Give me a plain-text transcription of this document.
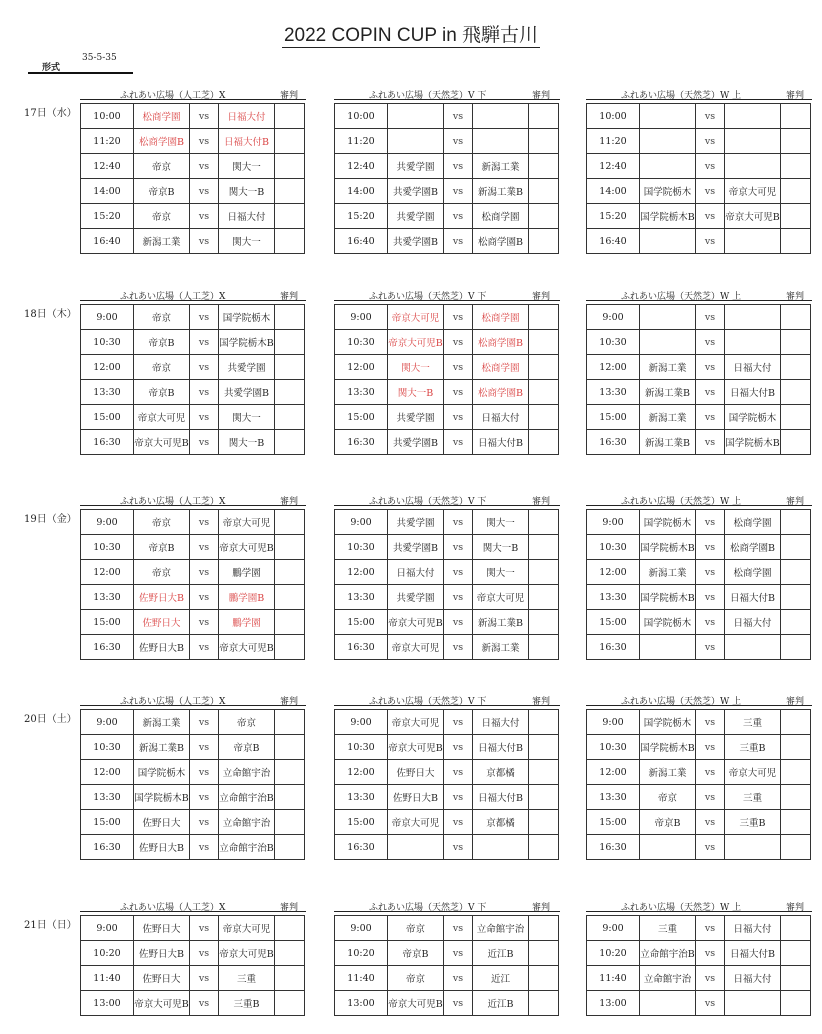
2022 COPIN CUP in 飛騨古川
形式
35-5-35
17日（水）
ふれあい広場（人工芝）X	審判
10:00	松商学園	vs	日福大付	
11:20	松商学園B	vs	日福大付B	
12:40	帝京	vs	関大一	
14:00	帝京B	vs	関大一B	
15:20	帝京	vs	日福大付	
16:40	新潟工業	vs	関大一	
ふれあい広場（天然芝）V 下	審判
10:00		vs		
11:20		vs		
12:40	共愛学園	vs	新潟工業	
14:00	共愛学園B	vs	新潟工業B	
15:20	共愛学園	vs	松商学園	
16:40	共愛学園B	vs	松商学園B	
ふれあい広場（天然芝）W 上	審判
10:00		vs		
11:20		vs		
12:40		vs		
14:00	国学院栃木	vs	帝京大可児	
15:20	国学院栃木B	vs	帝京大可児B	
16:40		vs		
18日（木）
ふれあい広場（人工芝）X	審判
9:00	帝京	vs	国学院栃木	
10:30	帝京B	vs	国学院栃木B	
12:00	帝京	vs	共愛学園	
13:30	帝京B	vs	共愛学園B	
15:00	帝京大可児	vs	関大一	
16:30	帝京大可児B	vs	関大一B	
ふれあい広場（天然芝）V 下	審判
9:00	帝京大可児	vs	松商学園	
10:30	帝京大可児B	vs	松商学園B	
12:00	関大一	vs	松商学園	
13:30	関大一B	vs	松商学園B	
15:00	共愛学園	vs	日福大付	
16:30	共愛学園B	vs	日福大付B	
ふれあい広場（天然芝）W 上	審判
9:00		vs		
10:30		vs		
12:00	新潟工業	vs	日福大付	
13:30	新潟工業B	vs	日福大付B	
15:00	新潟工業	vs	国学院栃木	
16:30	新潟工業B	vs	国学院栃木B	
19日（金）
ふれあい広場（人工芝）X	審判
9:00	帝京	vs	帝京大可児	
10:30	帝京B	vs	帝京大可児B	
12:00	帝京	vs	鵬学園	
13:30	佐野日大B	vs	鵬学園B	
15:00	佐野日大	vs	鵬学園	
16:30	佐野日大B	vs	帝京大可児B	
ふれあい広場（天然芝）V 下	審判
9:00	共愛学園	vs	関大一	
10:30	共愛学園B	vs	関大一B	
12:00	日福大付	vs	関大一	
13:30	共愛学園	vs	帝京大可児	
15:00	帝京大可児B	vs	新潟工業B	
16:30	帝京大可児	vs	新潟工業	
ふれあい広場（天然芝）W 上	審判
9:00	国学院栃木	vs	松商学園	
10:30	国学院栃木B	vs	松商学園B	
12:00	新潟工業	vs	松商学園	
13:30	国学院栃木B	vs	日福大付B	
15:00	国学院栃木	vs	日福大付	
16:30		vs		
20日（土）
ふれあい広場（人工芝）X	審判
9:00	新潟工業	vs	帝京	
10:30	新潟工業B	vs	帝京B	
12:00	国学院栃木	vs	立命館宇治	
13:30	国学院栃木B	vs	立命館宇治B	
15:00	佐野日大	vs	立命館宇治	
16:30	佐野日大B	vs	立命館宇治B	
ふれあい広場（天然芝）V 下	審判
9:00	帝京大可児	vs	日福大付	
10:30	帝京大可児B	vs	日福大付B	
12:00	佐野日大	vs	京都橘	
13:30	佐野日大B	vs	日福大付B	
15:00	帝京大可児	vs	京都橘	
16:30		vs		
ふれあい広場（天然芝）W 上	審判
9:00	国学院栃木	vs	三重	
10:30	国学院栃木B	vs	三重B	
12:00	新潟工業	vs	帝京大可児	
13:30	帝京	vs	三重	
15:00	帝京B	vs	三重B	
16:30		vs		
21日（日）
ふれあい広場（人工芝）X	審判
9:00	佐野日大	vs	帝京大可児	
10:20	佐野日大B	vs	帝京大可児B	
11:40	佐野日大	vs	三重	
13:00	帝京大可児B	vs	三重B	
ふれあい広場（天然芝）V 下	審判
9:00	帝京	vs	立命館宇治	
10:20	帝京B	vs	近江B	
11:40	帝京	vs	近江	
13:00	帝京大可児B	vs	近江B	
ふれあい広場（天然芝）W 上	審判
9:00	三重	vs	日福大付	
10:20	立命館宇治B	vs	日福大付B	
11:40	立命館宇治	vs	日福大付	
13:00		vs		
